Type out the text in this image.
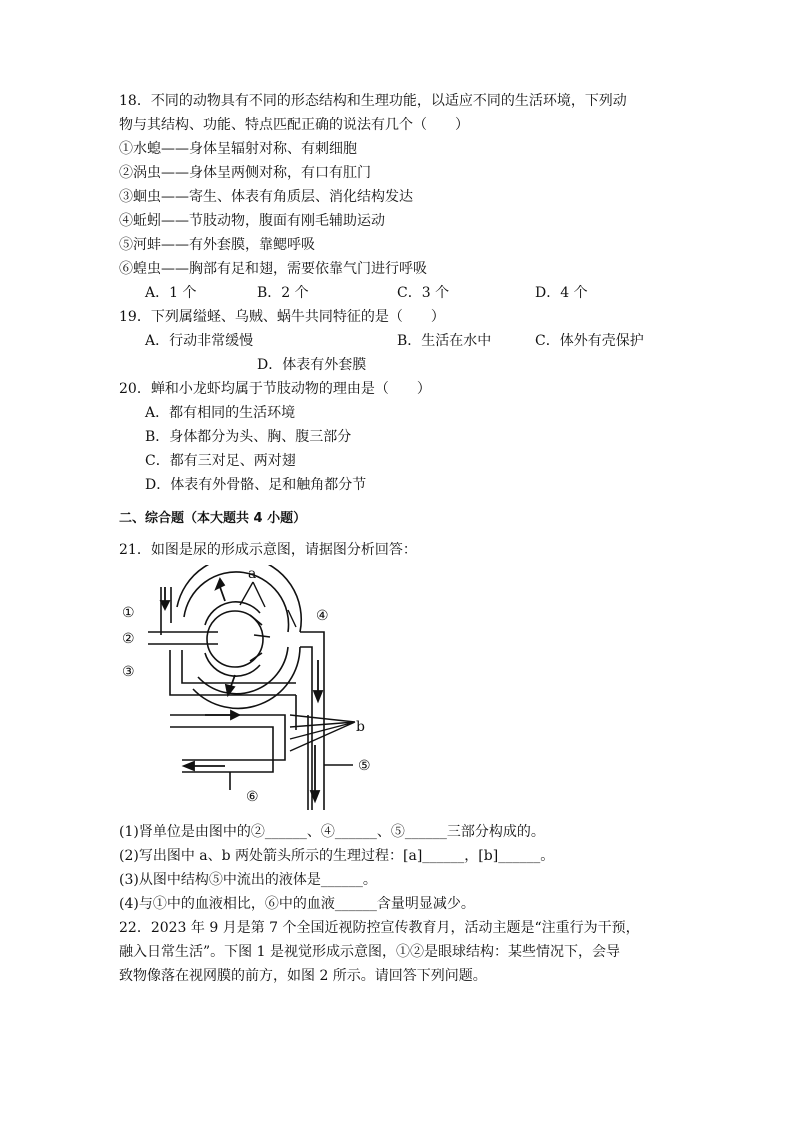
18．不同的动物具有不同的形态结构和生理功能，以适应不同的生活环境，下列动
物与其结构、功能、特点匹配正确的说法有几个（　　）
①水螅——身体呈辐射对称、有刺细胞
②涡虫——身体呈两侧对称，有口有肛门
③蛔虫——寄生、体表有角质层、消化结构发达
④蚯蚓——节肢动物，腹面有刚毛辅助运动
⑤河蚌——有外套膜，靠鳃呼吸
⑥蝗虫——胸部有足和翅，需要依靠气门进行呼吸
A．1 个	B．2 个	C．3 个	D．4 个
19．下列属缢蛏、乌贼、蜗牛共同特征的是（　　）
A．行动非常缓慢	B．生活在水中	C．体外有壳保护
D．体表有外套膜
20．蝉和小龙虾均属于节肢动物的理由是（　　）
A．都有相同的生活环境
B．身体都分为头、胸、腹三部分
C．都有三对足、两对翅
D．体表有外骨骼、足和触角都分节
二、综合题（本大题共 4 小题）
21．如图是尿的形成示意图，请据图分析回答：
①
②
③
④
⑤
⑥
a
b
(1)肾单位是由图中的②______、④______、⑤______三部分构成的。
(2)写出图中 a、b 两处箭头所示的生理过程：[a]______，[b]______。
(3)从图中结构⑤中流出的液体是______。
(4)与①中的血液相比，⑥中的血液______含量明显减少。
22．2023 年 9 月是第 7 个全国近视防控宣传教育月，活动主题是“注重行为干预，
融入日常生活”。下图 1 是视觉形成示意图，①②是眼球结构：某些情况下，会导
致物像落在视网膜的前方，如图 2 所示。请回答下列问题。
